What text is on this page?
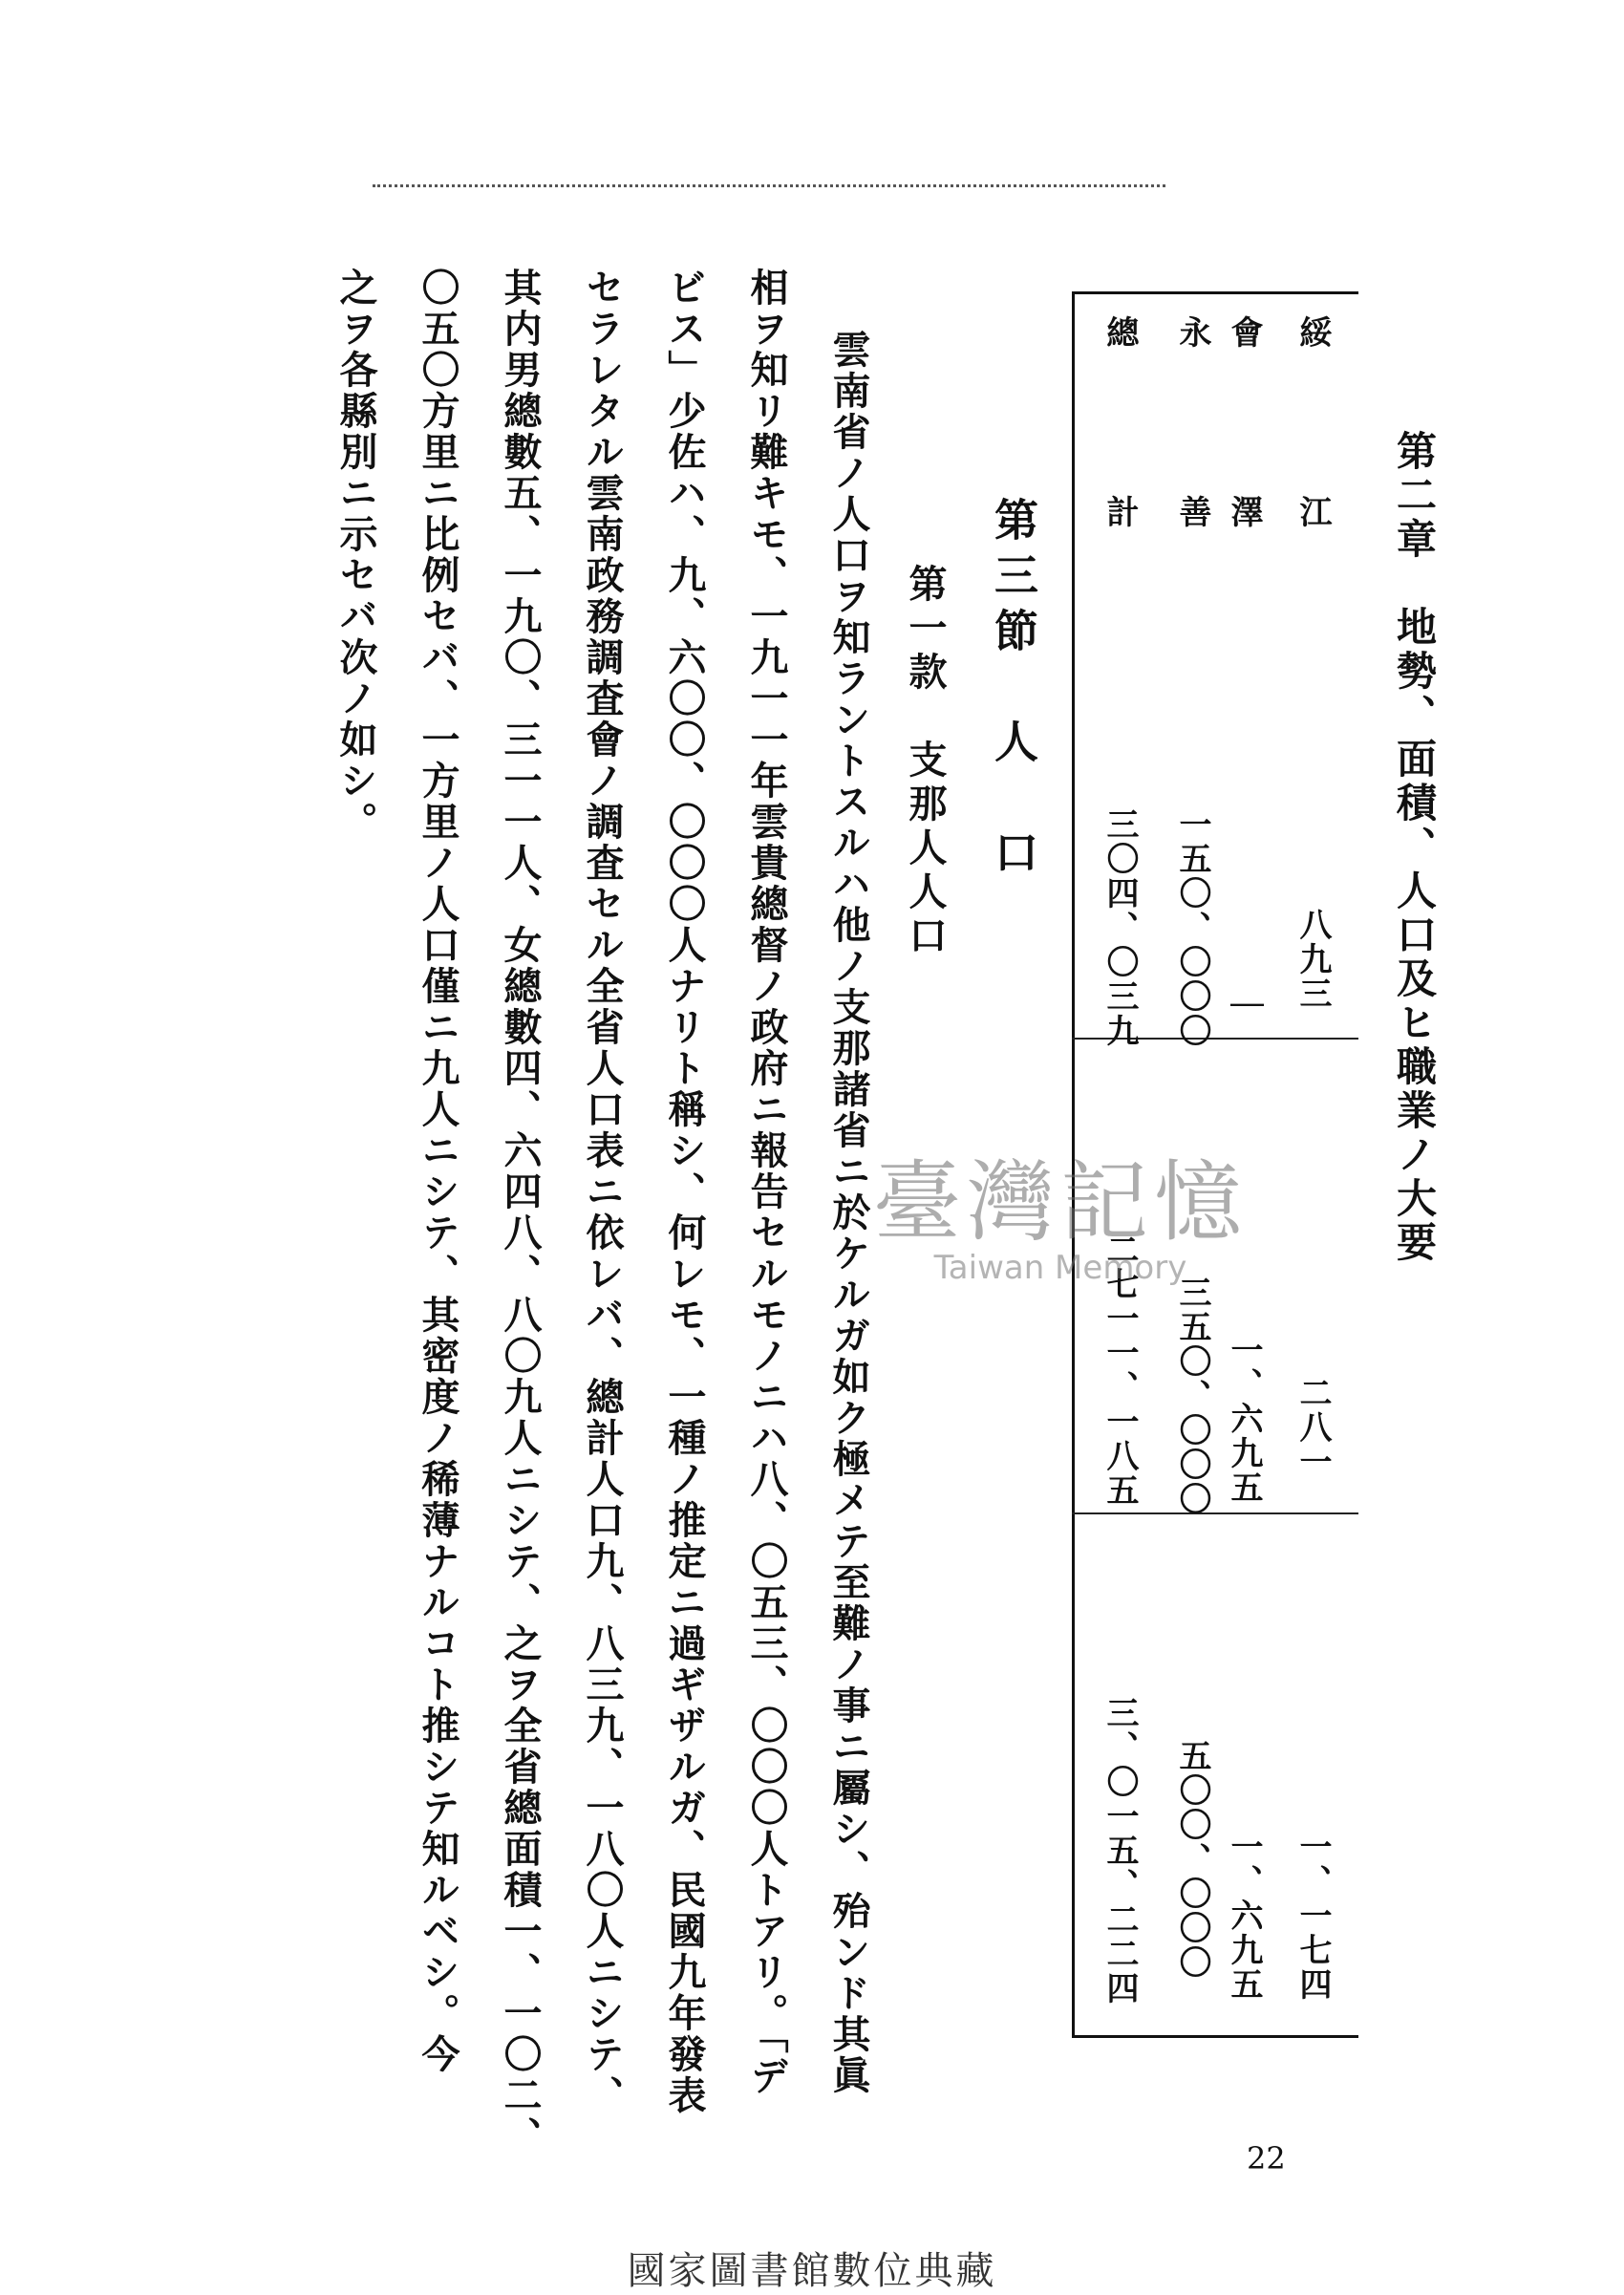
第二章　地勢、面積、人口及ヒ職業ノ大要
綏　江
會　澤
永　善
總　計
八九三
｜
一五〇、〇〇〇
三〇四、〇三九
二八一
一、六九五
三五〇、〇〇〇
二七一一、一八五
一、一七四
一、六九五
五〇〇、〇〇〇
三、〇一五、二二四
第三節　人　口
第一款　支那人人口
雲南省ノ人口ヲ知ラントスルハ他ノ支那諸省ニ於ケルガ如ク極メテ至難ノ事ニ屬シ、殆ンド其眞
相ヲ知リ難キモ、一九一一年雲貴總督ノ政府ニ報告セルモノニハ八、〇五三、〇〇〇人トアリ。「デ
ビス」少佐ハ、九、六〇〇、〇〇〇人ナリト稱シ、何レモ、一種ノ推定ニ過ギザルガ、民國九年發表
セラレタル雲南政務調査會ノ調査セル全省人口表ニ依レバ、總計人口九、八三九、一八〇人ニシテ、
其内男總數五、一九〇、三一一人、女總數四、六四八、八〇九人ニシテ、之ヲ全省總面積一、一〇二、
〇五〇方里ニ比例セバ、一方里ノ人口僅ニ九人ニシテ、其密度ノ稀薄ナルコト推シテ知ルベシ。今
之ヲ各縣別ニ示セバ次ノ如シ。
臺灣記憶
Taiwan Memory
22
國家圖書館數位典藏
